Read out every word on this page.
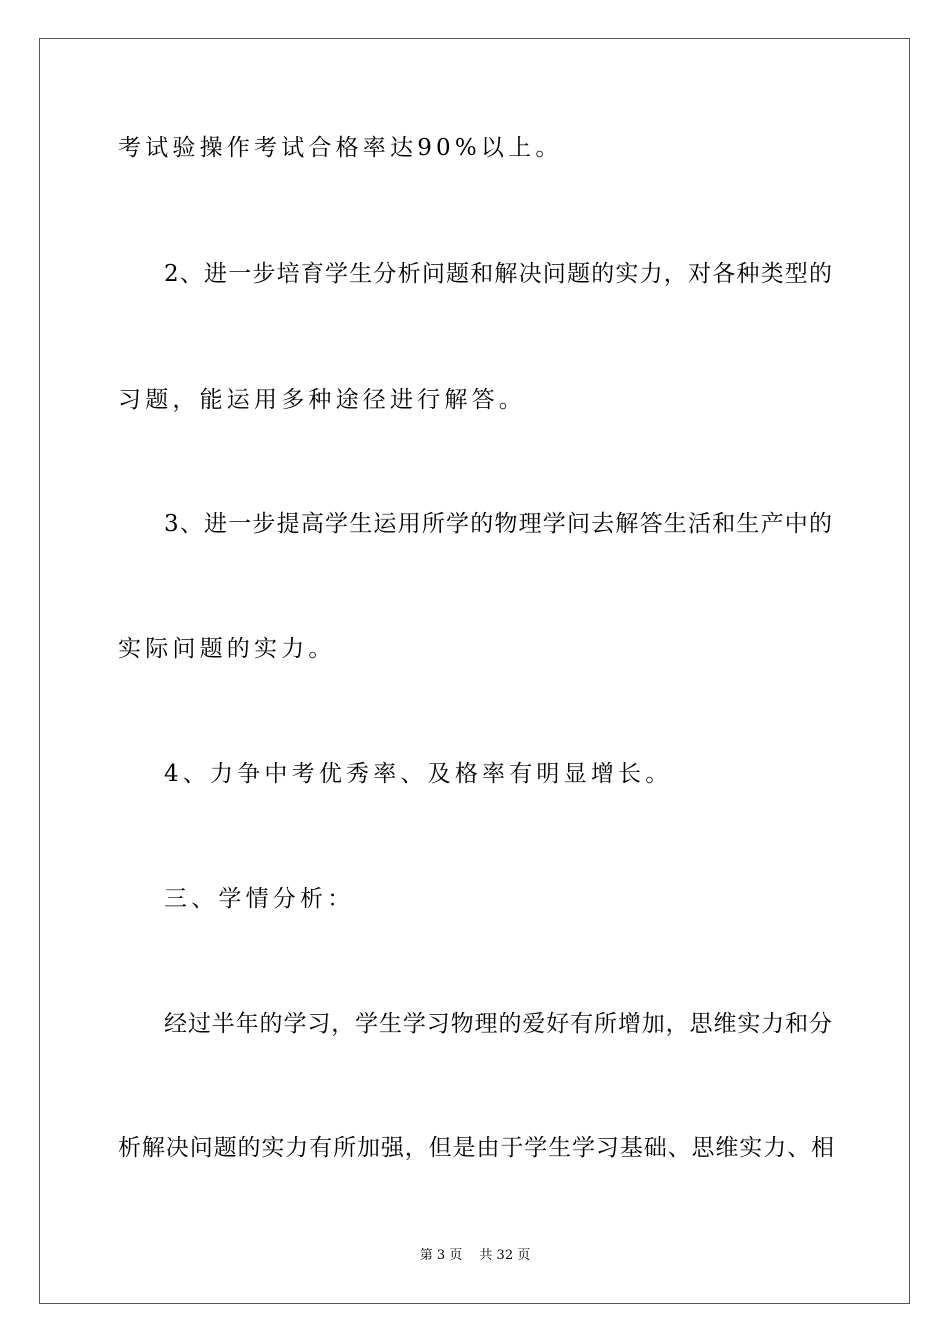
考试验操作考试合格率达90%以上。
2、进一步培育学生分析问题和解决问题的实力，对各种类型的
习题，能运用多种途径进行解答。
3、进一步提高学生运用所学的物理学问去解答生活和生产中的
实际问题的实力。
4、力争中考优秀率、及格率有明显增长。
三、学情分析：
经过半年的学习，学生学习物理的爱好有所增加，思维实力和分
析解决问题的实力有所加强，但是由于学生学习基础、思维实力、相
第 3 页　 共 32 页
